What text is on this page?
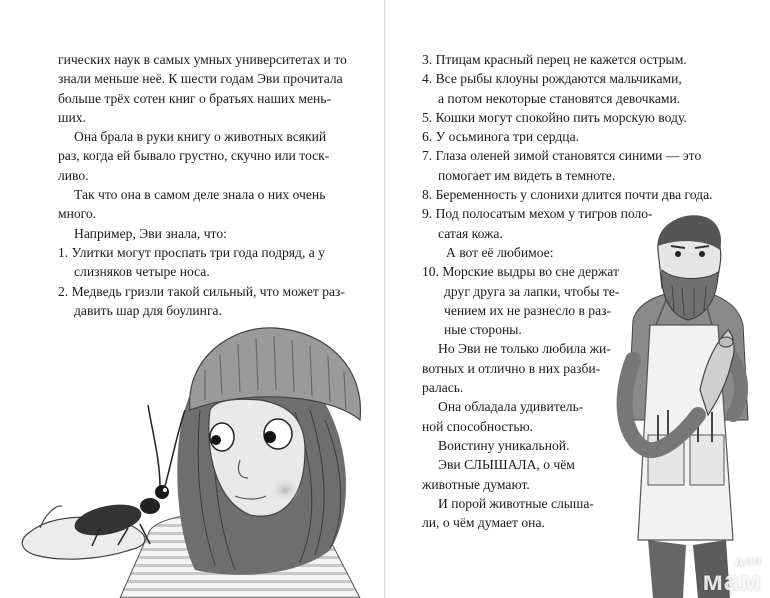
гических наук в самых умных университетах и то
знали меньше неё. К шести годам Эви прочитала
больше трёх сотен книг о братьях наших мень-
ших.
Она брала в руки книгу о животных всякий
раз, когда ей бывало грустно, скучно или тоск-
ливо.
Так что она в самом деле знала о них очень
много.
Например, Эви знала, что:
1. Улитки могут проспать три года подряд, а у
слизняков четыре носа.
2. Медведь гризли такой сильный, что может раз-
давить шар для боулинга.
3. Птицам красный перец не кажется острым.
4. Все рыбы клоуны рождаются мальчиками,
а потом некоторые становятся девочками.
5. Кошки могут спокойно пить морскую воду.
6. У осьминога три сердца.
7. Глаза оленей зимой становятся синими — это
помогает им видеть в темноте.
8. Беременность у слонихи длится почти два года.
9. Под полосатым мехом у тигров поло-
сатая кожа.
А вот её любимое:
10. Морские выдры во сне держат
друг друга за лапки, чтобы те-
чением их не разнесло в раз-
ные стороны.
Но Эви не только любила жи-
вотных и отлично в них разби-
ралась.
Она обладала удивитель-
ной способностью.
Воистину уникальной.
Эви СЛЫШАЛА, о чём
животные думают.
И порой животные слыша-
ли, о чём думает она.
для
мам
